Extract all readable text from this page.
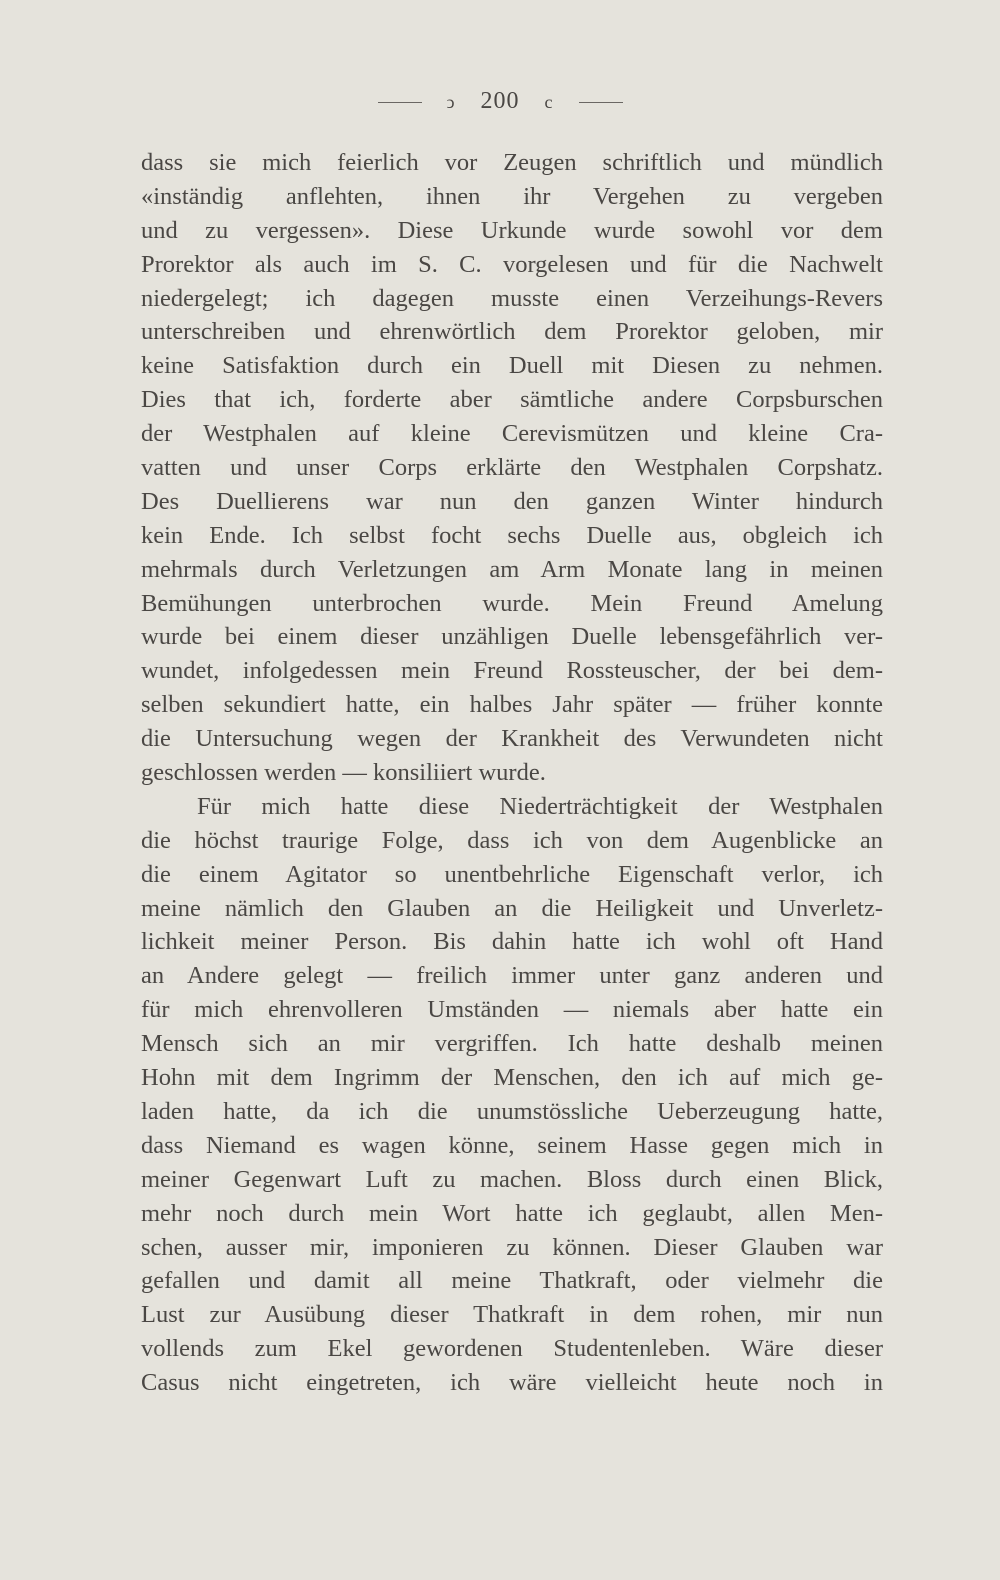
ↄ 200 c
dass sie mich feierlich vor Zeugen schriftlich und mündlich
«inständig anflehten, ihnen ihr Vergehen zu vergeben
und zu vergessen». Diese Urkunde wurde sowohl vor dem
Prorektor als auch im S. C. vorgelesen und für die Nachwelt
niedergelegt; ich dagegen musste einen Verzeihungs-Revers
unterschreiben und ehrenwörtlich dem Prorektor geloben, mir
keine Satisfaktion durch ein Duell mit Diesen zu nehmen.
Dies that ich, forderte aber sämtliche andere Corpsburschen
der Westphalen auf kleine Cerevismützen und kleine Cra-
vatten und unser Corps erklärte den Westphalen Corpshatz.
Des Duellierens war nun den ganzen Winter hindurch
kein Ende. Ich selbst focht sechs Duelle aus, obgleich ich
mehrmals durch Verletzungen am Arm Monate lang in meinen
Bemühungen unterbrochen wurde. Mein Freund Amelung
wurde bei einem dieser unzähligen Duelle lebensgefährlich ver-
wundet, infolgedessen mein Freund Rossteuscher, der bei dem-
selben sekundiert hatte, ein halbes Jahr später — früher konnte
die Untersuchung wegen der Krankheit des Verwundeten nicht
geschlossen werden — konsiliiert wurde.
Für mich hatte diese Niederträchtigkeit der Westphalen
die höchst traurige Folge, dass ich von dem Augenblicke an
die einem Agitator so unentbehrliche Eigenschaft verlor, ich
meine nämlich den Glauben an die Heiligkeit und Unverletz-
lichkeit meiner Person. Bis dahin hatte ich wohl oft Hand
an Andere gelegt — freilich immer unter ganz anderen und
für mich ehrenvolleren Umständen — niemals aber hatte ein
Mensch sich an mir vergriffen. Ich hatte deshalb meinen
Hohn mit dem Ingrimm der Menschen, den ich auf mich ge-
laden hatte, da ich die unumstössliche Ueberzeugung hatte,
dass Niemand es wagen könne, seinem Hasse gegen mich in
meiner Gegenwart Luft zu machen. Bloss durch einen Blick,
mehr noch durch mein Wort hatte ich geglaubt, allen Men-
schen, ausser mir, imponieren zu können. Dieser Glauben war
gefallen und damit all meine Thatkraft, oder vielmehr die
Lust zur Ausübung dieser Thatkraft in dem rohen, mir nun
vollends zum Ekel gewordenen Studentenleben. Wäre dieser
Casus nicht eingetreten, ich wäre vielleicht heute noch in
